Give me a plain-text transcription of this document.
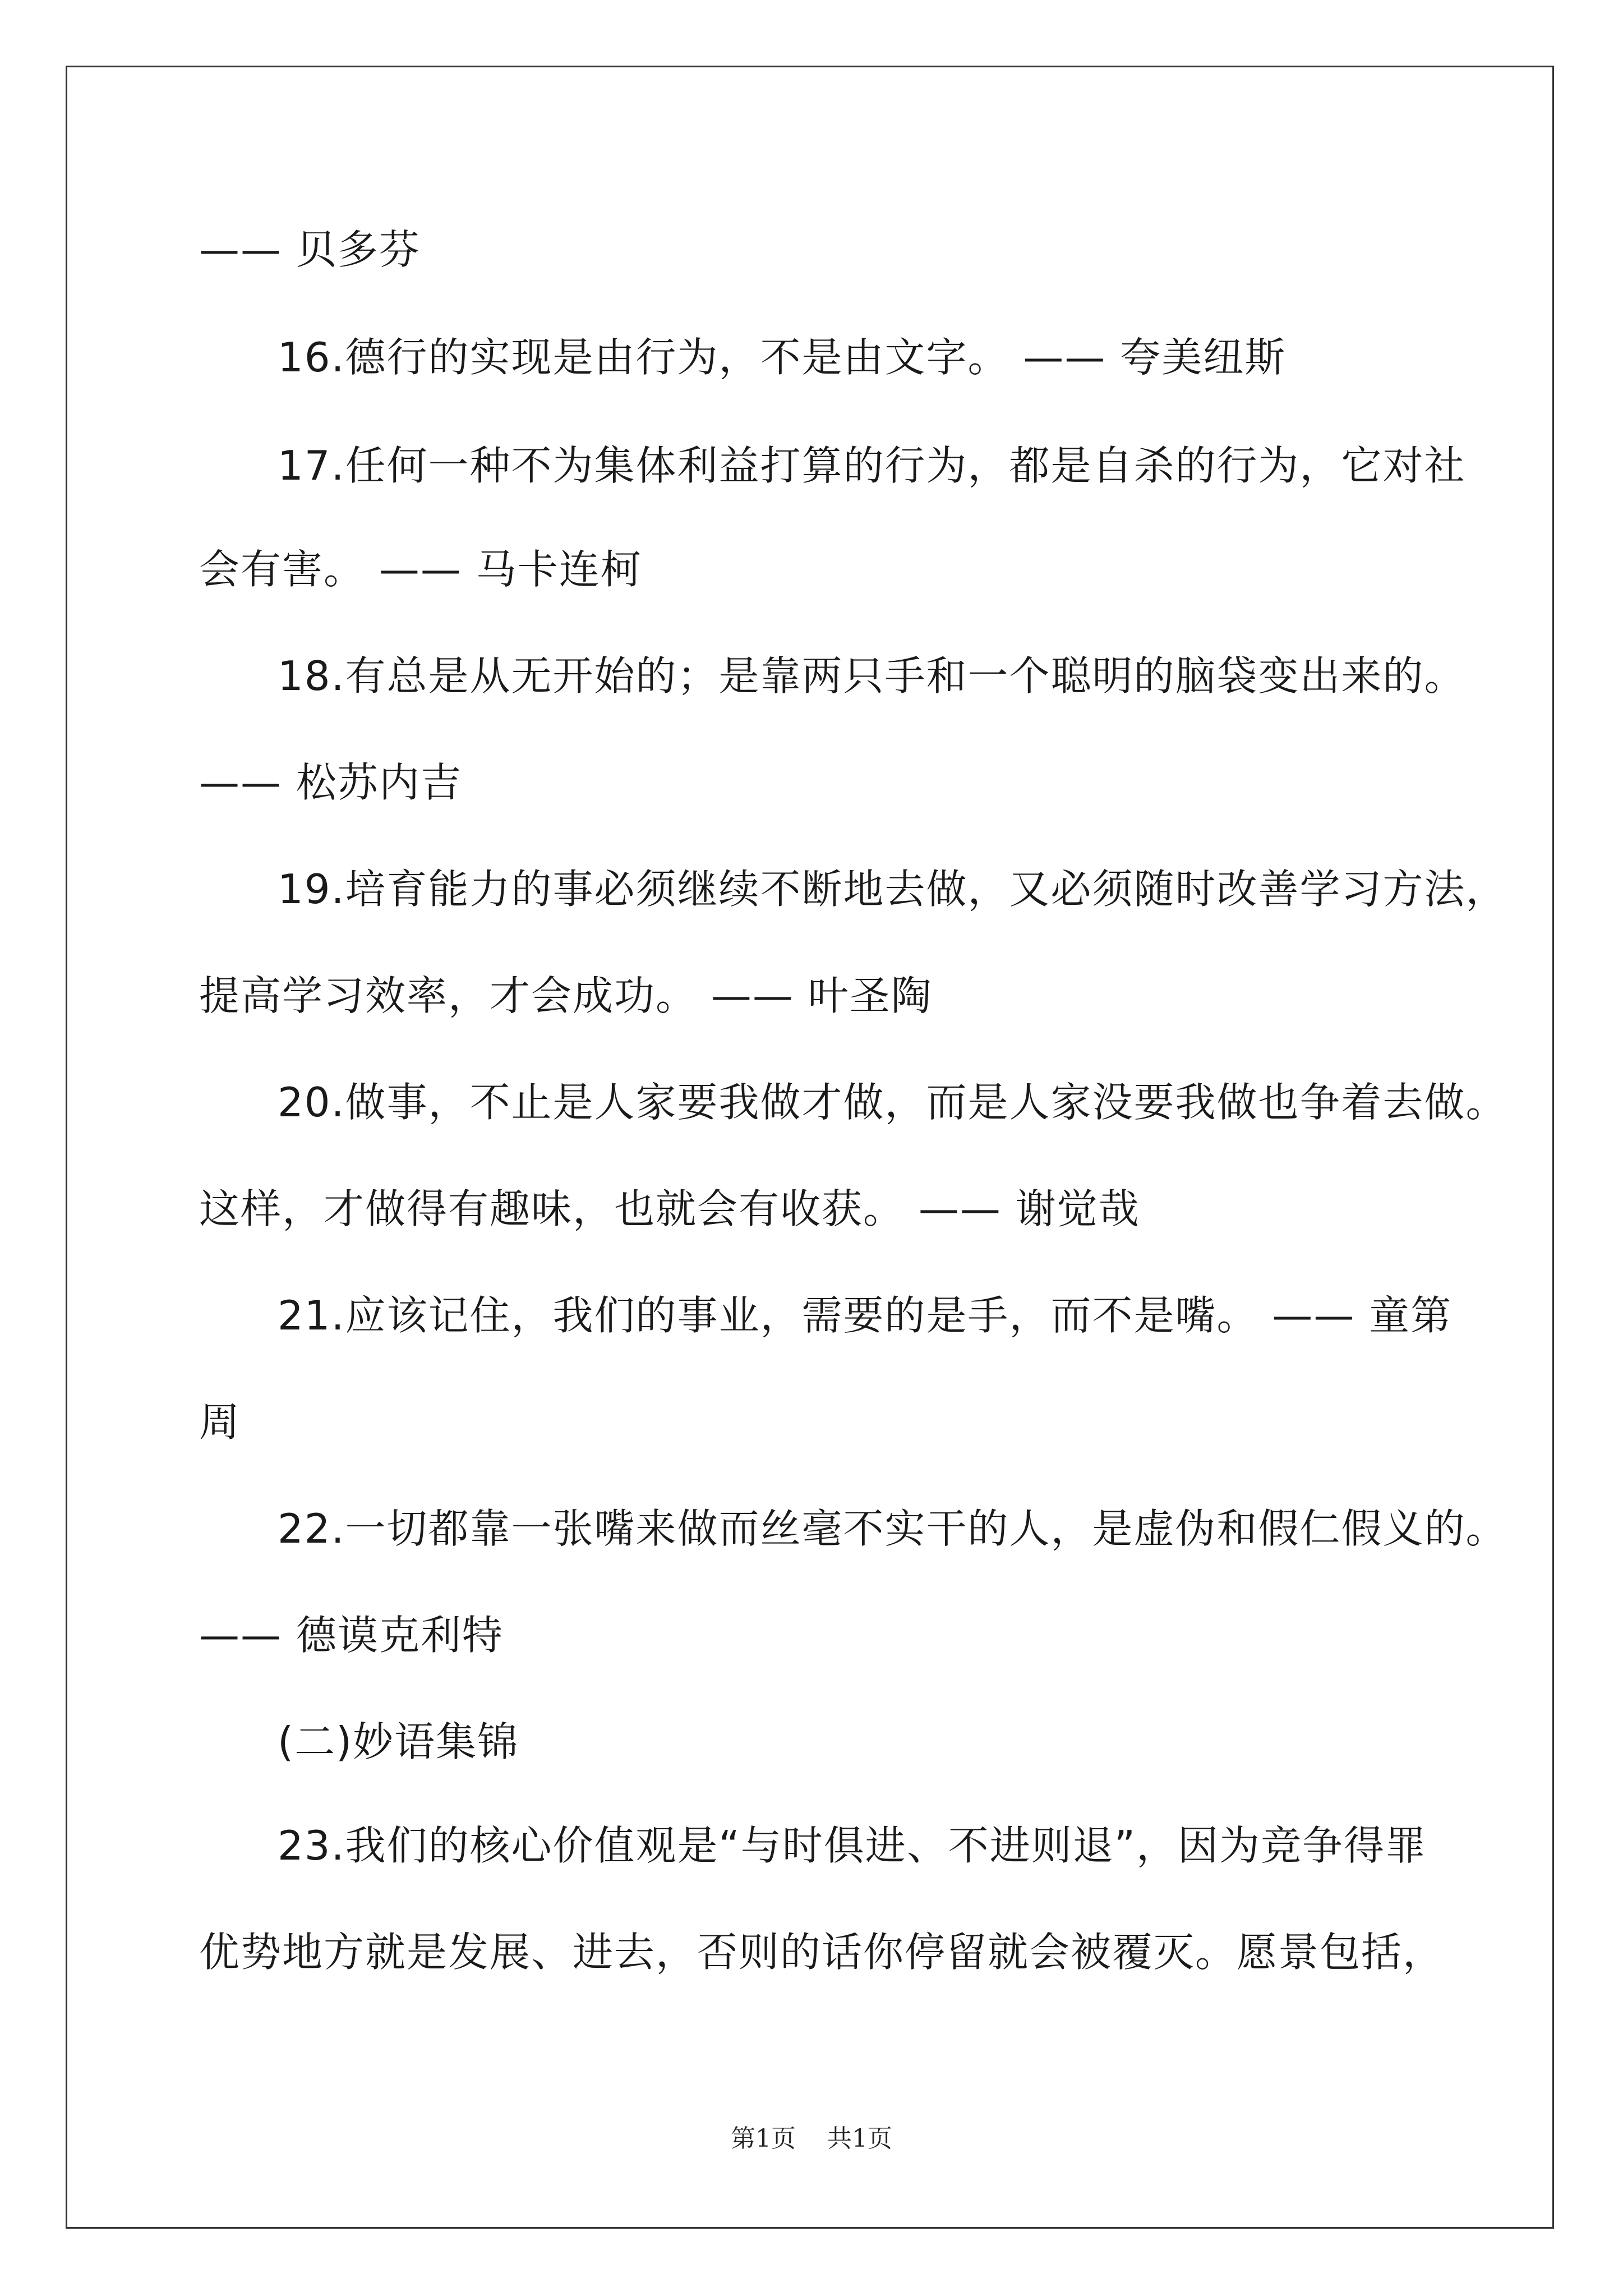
—— 贝多芬
16.德行的实现是由行为，不是由文字。 —— 夸美纽斯
17.任何一种不为集体利益打算的行为，都是自杀的行为，它对社
会有害。 —— 马卡连柯
18.有总是从无开始的；是靠两只手和一个聪明的脑袋变出来的。
—— 松苏内吉
19.培育能力的事必须继续不断地去做，又必须随时改善学习方法，
提高学习效率，才会成功。 —— 叶圣陶
20.做事，不止是人家要我做才做，而是人家没要我做也争着去做。
这样，才做得有趣味，也就会有收获。 —— 谢觉哉
21.应该记住，我们的事业，需要的是手，而不是嘴。 —— 童第
周
22.一切都靠一张嘴来做而丝毫不实干的人，是虚伪和假仁假义的。
—— 德谟克利特
(二)妙语集锦
23.我们的核心价值观是“与时俱进、不进则退”，因为竞争得罪
优势地方就是发展、进去，否则的话你停留就会被覆灭。愿景包括，
第1页 共1页
